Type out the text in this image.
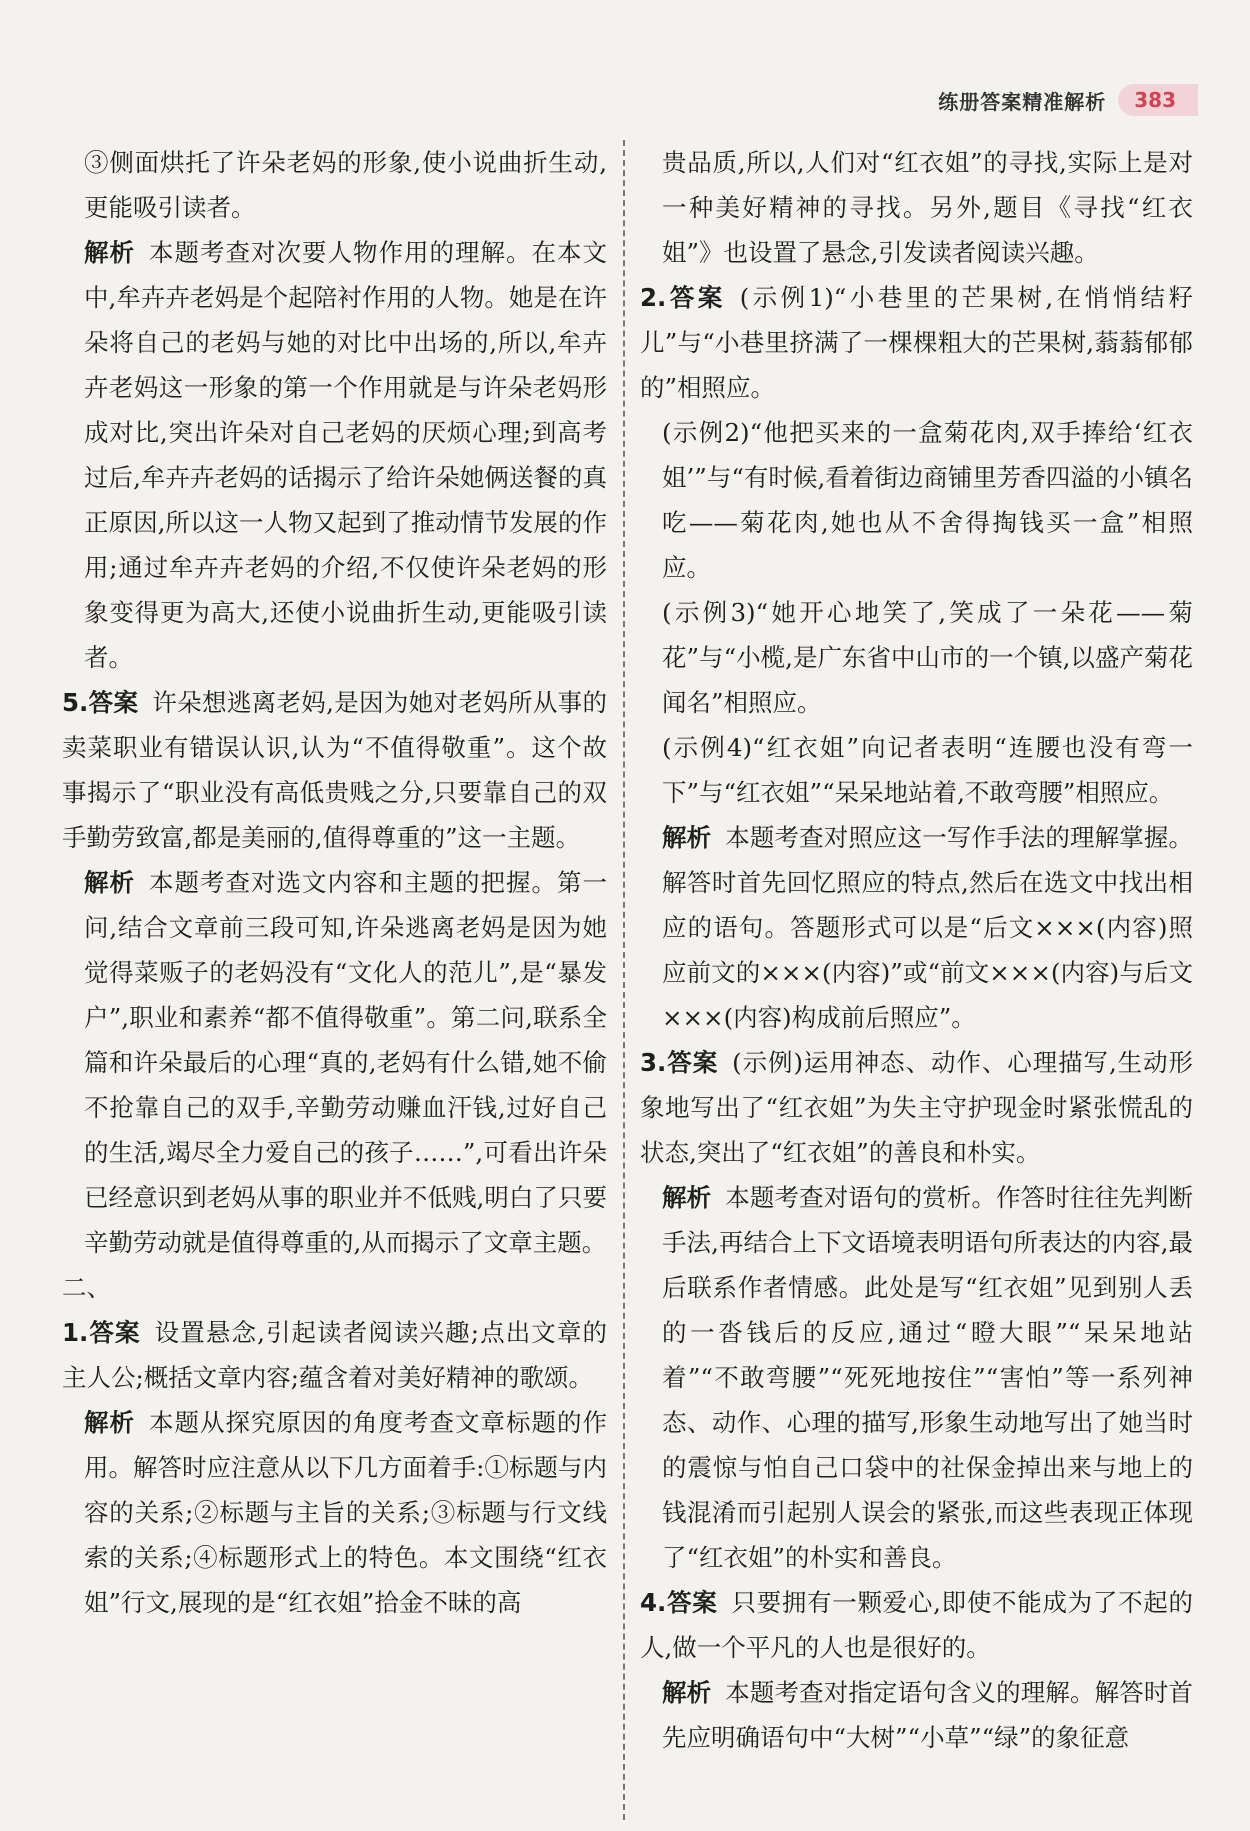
练册答案精准解析	383

③侧面烘托了许朵老妈的形象,使小说曲折生动,更能吸引读者。

解析 本题考查对次要人物作用的理解。在本文中,牟卉卉老妈是个起陪衬作用的人物。她是在许朵将自己的老妈与她的对比中出场的,所以,牟卉卉老妈这一形象的第一个作用就是与许朵老妈形成对比,突出许朵对自己老妈的厌烦心理;到高考过后,牟卉卉老妈的话揭示了给许朵她俩送餐的真正原因,所以这一人物又起到了推动情节发展的作用;通过牟卉卉老妈的介绍,不仅使许朵老妈的形象变得更为高大,还使小说曲折生动,更能吸引读者。

5.答案 许朵想逃离老妈,是因为她对老妈所从事的卖菜职业有错误认识,认为“不值得敬重”。这个故事揭示了“职业没有高低贵贱之分,只要靠自己的双手勤劳致富,都是美丽的,值得尊重的”这一主题。

解析 本题考查对选文内容和主题的把握。第一问,结合文章前三段可知,许朵逃离老妈是因为她觉得菜贩子的老妈没有“文化人的范儿”,是“暴发户”,职业和素养“都不值得敬重”。第二问,联系全篇和许朵最后的心理“真的,老妈有什么错,她不偷不抢靠自己的双手,辛勤劳动赚血汗钱,过好自己的生活,竭尽全力爱自己的孩子……”,可看出许朵已经意识到老妈从事的职业并不低贱,明白了只要辛勤劳动就是值得尊重的,从而揭示了文章主题。

二、

1.答案 设置悬念,引起读者阅读兴趣;点出文章的主人公;概括文章内容;蕴含着对美好精神的歌颂。

解析 本题从探究原因的角度考查文章标题的作用。解答时应注意从以下几方面着手:①标题与内容的关系;②标题与主旨的关系;③标题与行文线索的关系;④标题形式上的特色。本文围绕“红衣姐”行文,展现的是“红衣姐”拾金不昧的高

贵品质,所以,人们对“红衣姐”的寻找,实际上是对一种美好精神的寻找。另外,题目《寻找“红衣姐”》也设置了悬念,引发读者阅读兴趣。

2.答案 (示例1)“小巷里的芒果树,在悄悄结籽儿”与“小巷里挤满了一棵棵粗大的芒果树,蓊蓊郁郁的”相照应。

(示例2)“他把买来的一盒菊花肉,双手捧给‘红衣姐’”与“有时候,看着街边商铺里芳香四溢的小镇名吃——菊花肉,她也从不舍得掏钱买一盒”相照应。

(示例3)“她开心地笑了,笑成了一朵花——菊花”与“小榄,是广东省中山市的一个镇,以盛产菊花闻名”相照应。

(示例4)“红衣姐”向记者表明“连腰也没有弯一下”与“红衣姐”“呆呆地站着,不敢弯腰”相照应。

解析 本题考查对照应这一写作手法的理解掌握。解答时首先回忆照应的特点,然后在选文中找出相应的语句。答题形式可以是“后文×××(内容)照应前文的×××(内容)”或“前文×××(内容)与后文×××(内容)构成前后照应”。

3.答案 (示例)运用神态、动作、心理描写,生动形象地写出了“红衣姐”为失主守护现金时紧张慌乱的状态,突出了“红衣姐”的善良和朴实。

解析 本题考查对语句的赏析。作答时往往先判断手法,再结合上下文语境表明语句所表达的内容,最后联系作者情感。此处是写“红衣姐”见到别人丢的一沓钱后的反应,通过“瞪大眼”“呆呆地站着”“不敢弯腰”“死死地按住”“害怕”等一系列神态、动作、心理的描写,形象生动地写出了她当时的震惊与怕自己口袋中的社保金掉出来与地上的钱混淆而引起别人误会的紧张,而这些表现正体现了“红衣姐”的朴实和善良。

4.答案 只要拥有一颗爱心,即使不能成为了不起的人,做一个平凡的人也是很好的。

解析 本题考查对指定语句含义的理解。解答时首先应明确语句中“大树”“小草”“绿”的象征意
